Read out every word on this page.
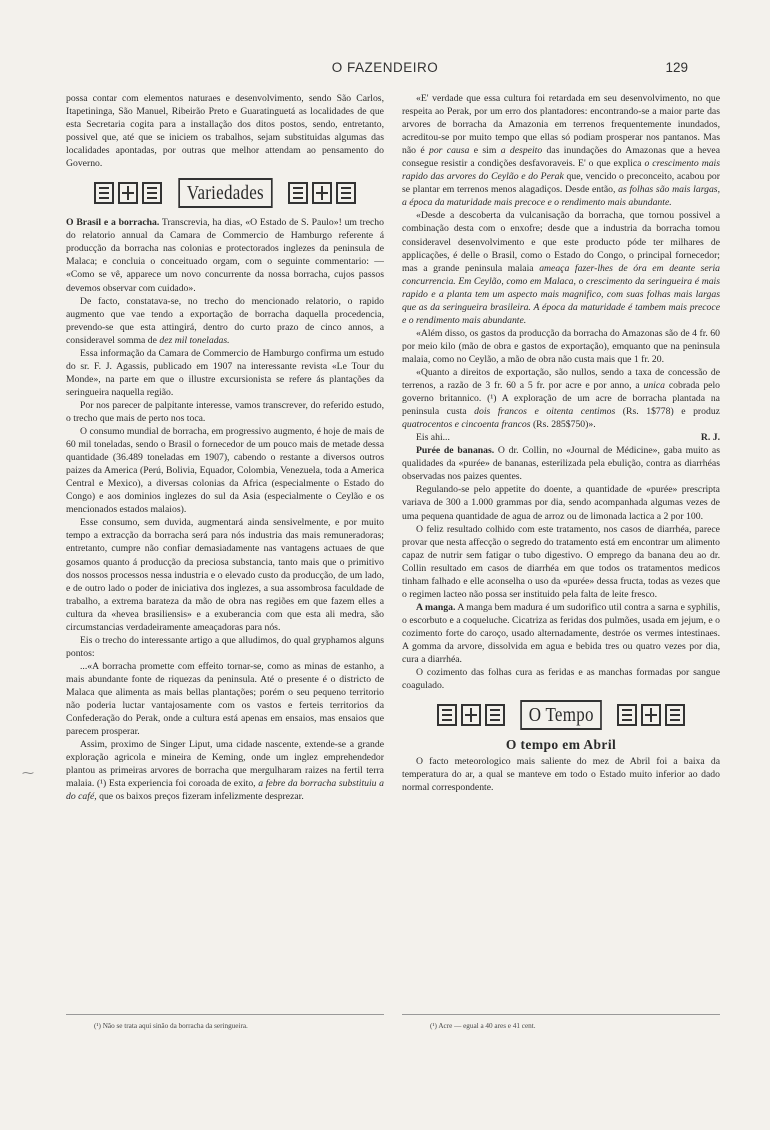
O FAZENDEIRO	129
⁓

possa contar com elementos naturaes e desenvolvimento, sendo São Carlos, Itapetininga, São Manuel, Ribeirão Preto e Guaratinguetá as localidades de que esta Secretaria cogita para a installação dos ditos postos, sendo, entretanto, possivel que, até que se iniciem os trabalhos, sejam substituidas algumas das localidades apontadas, por outras que melhor attendam ao pensamento do Governo.

Variedades

O Brasil e a borracha. Transcrevia, ha dias, «O Estado de S. Paulo»! um trecho do relatorio annual da Camara de Commercio de Hamburgo referente á producção da borracha nas colonias e protectorados inglezes da peninsula de Malaca; e concluia o conceituado orgam, com o seguinte commentario: — «Como se vê, apparece um novo concurrente da nossa borracha, cujos passos devemos observar com cuidado».

De facto, constatava-se, no trecho do mencionado relatorio, o rapido augmento que vae tendo a exportação de borracha daquella procedencia, prevendo-se que esta attingirá, dentro do curto prazo de cinco annos, a consideravel somma de dez mil toneladas.

Essa informação da Camara de Commercio de Hamburgo confirma um estudo do sr. F. J. Agassis, publicado em 1907 na interessante revista «Le Tour du Monde», na parte em que o illustre excursionista se refere ás plantações da seringueira naquella região.

Por nos parecer de palpitante interesse, vamos transcrever, do referido estudo, o trecho que mais de perto nos toca.

O consumo mundial de borracha, em progressivo augmento, é hoje de mais de 60 mil toneladas, sendo o Brasil o fornecedor de um pouco mais de metade dessa quantidade (36.489 toneladas em 1907), cabendo o restante a diversos outros paizes da America (Perú, Bolivia, Equador, Colombia, Venezuela, toda a America Central e Mexico), a diversas colonias da Africa (especialmente o Estado do Congo) e aos dominios inglezes do sul da Asia (especialmente o Ceylão e os mencionados estados malaios).

Esse consumo, sem duvida, augmentará ainda sensivelmente, e por muito tempo a extracção da borracha será para nós industria das mais remuneradoras; entretanto, cumpre não confiar demasiadamente nas vantagens actuaes de que gosamos quanto á producção da preciosa substancia, tanto mais que o primitivo dos nossos processos nessa industria e o elevado custo da producção, de um lado, e de outro lado o poder de iniciativa dos inglezes, a sua assombrosa faculdade de trabalho, a extrema barateza da mão de obra nas regiões em que fazem elles a cultura da «hevea brasiliensis» e a exuberancia com que esta ali medra, são circumstancias verdadeiramente ameaçadoras para nós.

Eis o trecho do interessante artigo a que alludimos, do qual gryphamos alguns pontos:

...«A borracha promette com effeito tornar-se, como as minas de estanho, a mais abundante fonte de riquezas da peninsula. Até o presente é o districto de Malaca que alimenta as mais bellas plantações; porém o seu pequeno territorio não poderia luctar vantajosamente com os vastos e ferteis territorios da Confederação do Perak, onde a cultura está apenas em ensaios, mas ensaios que parecem prosperar.

Assim, proximo de Singer Liput, uma cidade nascente, extende-se a grande exploração agricola e mineira de Keming, onde um inglez emprehendedor plantou as primeiras arvores de borracha que mergulharam raizes na fertil terra malaia. (¹) Esta experiencia foi coroada de exito, a febre da borracha substituiu a do café, que os baixos preços fizeram infelizmente desprezar.

«E' verdade que essa cultura foi retardada em seu desenvolvimento, no que respeita ao Perak, por um erro dos plantadores: encontrando-se a maior parte das arvores de borracha da Amazonia em terrenos frequentemente inundados, acreditou-se por muito tempo que ellas só podiam prosperar nos pantanos. Mas não é por causa e sim a despeito das inundações do Amazonas que a hevea consegue resistir a condições desfavoraveis. E' o que explica o crescimento mais rapido das arvores do Ceylão e do Perak que, vencido o preconceito, acabou por se plantar em terrenos menos alagadiços. Desde então, as folhas são mais largas, a época da maturidade mais precoce e o rendimento mais abundante.

«Desde a descoberta da vulcanisação da borracha, que tornou possivel a combinação desta com o enxofre; desde que a industria da borracha tomou consideravel desenvolvimento e que este producto póde ter milhares de applicações, é delle o Brasil, como o Estado do Congo, o principal fornecedor; mas a grande peninsula malaia ameaça fazer-lhes de óra em deante seria concurrencia. Em Ceylão, como em Malaca, o crescimento da seringueira é mais rapido e a planta tem um aspecto mais magnifico, com suas folhas mais largas que as da seringueira brasileira. A época da maturidade é tambem mais precoce e o rendimento mais abundante.

«Além disso, os gastos da producção da borracha do Amazonas são de 4 fr. 60 por meio kilo (mão de obra e gastos de exportação), emquanto que na peninsula malaia, como no Ceylão, a mão de obra não custa mais que 1 fr. 20.

«Quanto a direitos de exportação, são nullos, sendo a taxa de concessão de terrenos, a razão de 3 fr. 60 a 5 fr. por acre e por anno, a unica cobrada pelo governo britannico. (¹) A exploração de um acre de borracha plantada na peninsula custa dois francos e oitenta centimos (Rs. 1$778) e produz quatrocentos e cincoenta francos (Rs. 285$750)».

Eis ahi...	R. J.

Purée de bananas. O dr. Collin, no «Journal de Médicine», gaba muito as qualidades da «purée» de bananas, esterilizada pela ebulição, contra as diarrhéas observadas nos paizes quentes.

Regulando-se pelo appetite do doente, a quantidade de «purée» prescripta variava de 300 a 1.000 grammas por dia, sendo acompanhada algumas vezes de uma pequena quantidade de agua de arroz ou de limonada lactica a 2 por 100.

O feliz resultado colhido com este tratamento, nos casos de diarrhéa, parece provar que nesta affecção o segredo do tratamento está em encontrar um alimento capaz de nutrir sem fatigar o tubo digestivo. O emprego da banana deu ao dr. Collin resultado em casos de diarrhéa em que todos os tratamentos medicos tinham falhado e elle aconselha o uso da «purée» dessa fructa, todas as vezes que o regimen lacteo não possa ser instituido pela falta de leite fresco.

A manga. A manga bem madura é um sudorifico util contra a sarna e syphilis, o escorbuto e a coqueluche. Cicatriza as feridas dos pulmões, usada em jejum, e o cozimento forte do caroço, usado alternadamente, destróe os vermes intestinaes. A gomma da arvore, dissolvida em agua e bebida tres ou quatro vezes por dia, cura a diarrhéa.

O cozimento das folhas cura as feridas e as manchas formadas por sangue coagulado.

O Tempo
O tempo em Abril

O facto meteorologico mais saliente do mez de Abril foi a baixa da temperatura do ar, a qual se manteve em todo o Estado muito inferior ao dado normal correspondente.

(¹) Não se trata aqui sinão da borracha da seringueira.	(¹) Acre — egual a 40 ares e 41 cent.
